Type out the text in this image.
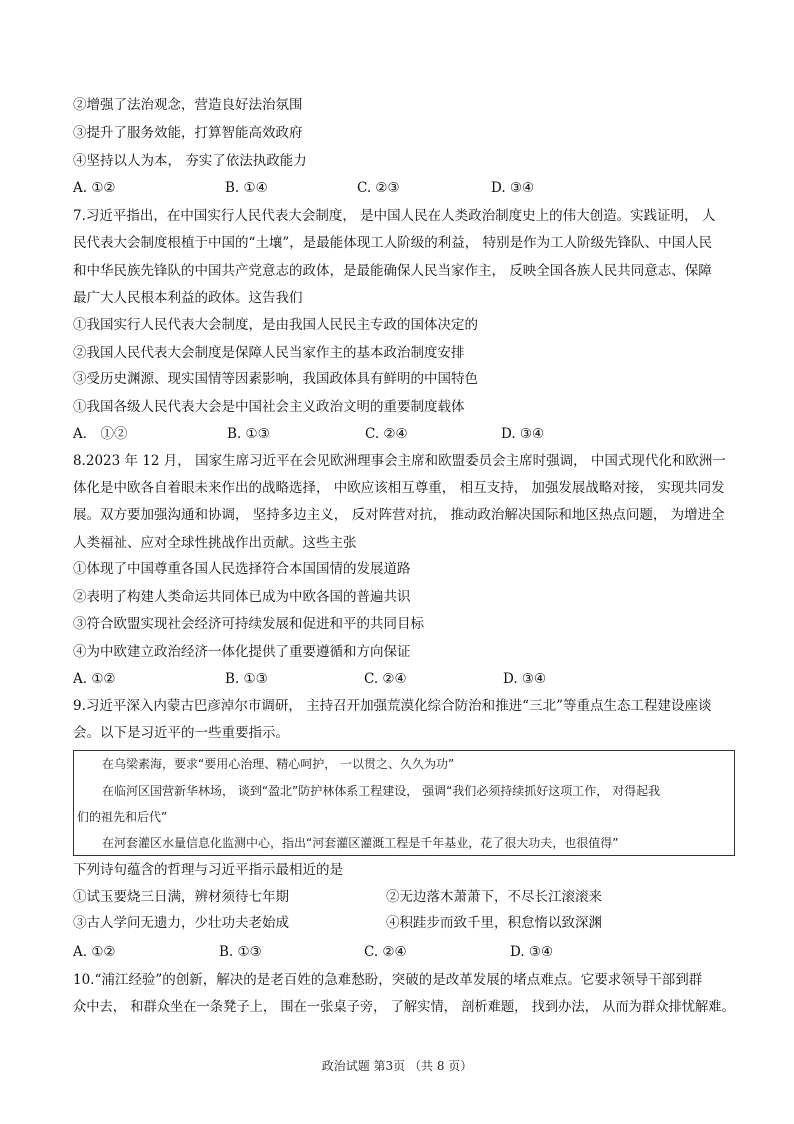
②增强了法治观念，营造良好法治氛围
③提升了服务效能，打算智能高效政府
④坚持以人为本， 夯实了依法执政能力
A. ①②	B. ①④	C. ②③	D. ③④
7.习近平指出，在中国实行人民代表大会制度， 是中国人民在人类政治制度史上的伟大创造。实践证明， 人
民代表大会制度根植于中国的“土壤”，是最能体现工人阶级的利益， 特别是作为工人阶级先锋队、中国人民
和中华民族先锋队的中国共产党意志的政体，是最能确保人民当家作主， 反映全国各族人民共同意志、保障
最广大人民根本利益的政体。这告我们
①我国实行人民代表大会制度，是由我国人民民主专政的国体决定的
②我国人民代表大会制度是保障人民当家作主的基本政治制度安排
③受历史渊源、现实国情等因素影响，我国政体具有鲜明的中国特色
①我国各级人民代表大会是中国社会主义政治文明的重要制度载体
A． ①②	B. ①③	C. ②④	D. ③④
8.2023 年 12 月， 国家生席习近平在会见欧洲理事会主席和欧盟委员会主席时强调， 中国式现代化和欧洲一
体化是中欧各自着眼未来作出的战略选择， 中欧应该相互尊重， 相互支持， 加强发展战略对接， 实现共同发
展。双方要加强沟通和协调， 坚持多边主义， 反对阵营对抗， 推动政治解决国际和地区热点问题， 为增进全
人类福祉、应对全球性挑战作出贡献。这些主张
①体现了中国尊重各国人民选择符合本国国情的发展道路
②表明了构建人类命运共同体已成为中欧各国的普遍共识
③符合欧盟实现社会经济可持续发展和促进和平的共同目标
④为中欧建立政治经济一体化提供了重要遵循和方向保证
A. ①②	B. ①③	C. ②④	D. ③④
9.习近平深入内蒙古巴彦淖尔市调研， 主持召开加强荒漠化综合防治和推进“三北”等重点生态工程建设座谈
会。以下是习近平的一些重要指示。
在乌梁素海，要求“要用心治理、精心呵护， 一以贯之、久久为功”
在临河区国营新华林场， 谈到“盈北”防护林体系工程建设， 强调“我们必须持续抓好这项工作， 对得起我
们的祖先和后代”
在河套灌区水量信息化监测中心，指出“河套灌区灌溉工程是千年基业，花了很大功夫，也很值得”
下列诗句蕴含的哲理与习近平指示最相近的是
①试玉要烧三日满，辨材须待七年期	②无边落木萧萧下，不尽长江滚滚来
③古人学问无遗力，少壮功夫老始成	④积跬步而致千里，积怠惰以致深渊
A. ①②	B. ①③	C. ②④	D. ③④
10.“浦江经验”的创新，解决的是老百姓的急难愁盼，突破的是改革发展的堵点难点。它要求领导干部到群
众中去， 和群众坐在一条凳子上， 围在一张桌子旁， 了解实情， 剖析难题， 找到办法， 从而为群众排忧解难。
政治试题 第3页 （共 8 页）
